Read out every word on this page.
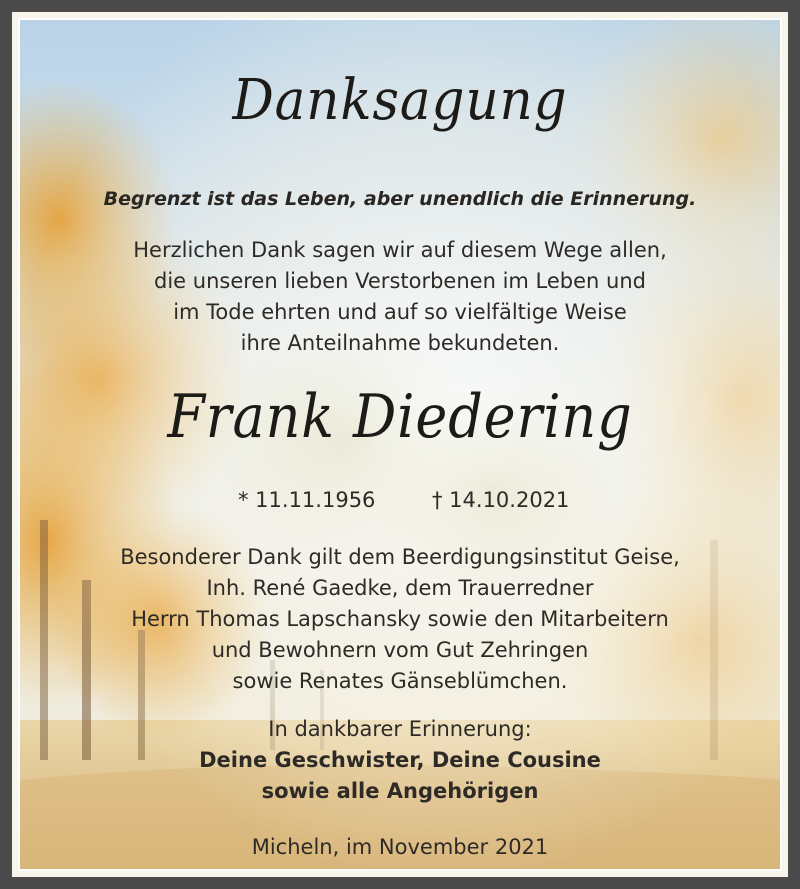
Danksagung
Begrenzt ist das Leben, aber unendlich die Erinnerung.
Herzlichen Dank sagen wir auf diesem Wege allen,
die unseren lieben Verstorbenen im Leben und
im Tode ehrten und auf so vielfältige Weise
ihre Anteilnahme bekundeten.
Frank Diedering
* 11.11.1956	† 14.10.2021
Besonderer Dank gilt dem Beerdigungsinstitut Geise,
Inh. René Gaedke, dem Trauerredner
Herrn Thomas Lapschansky sowie den Mitarbeitern
und Bewohnern vom Gut Zehringen
sowie Renates Gänseblümchen.
In dankbarer Erinnerung:
Deine Geschwister, Deine Cousine
sowie alle Angehörigen
Micheln, im November 2021
